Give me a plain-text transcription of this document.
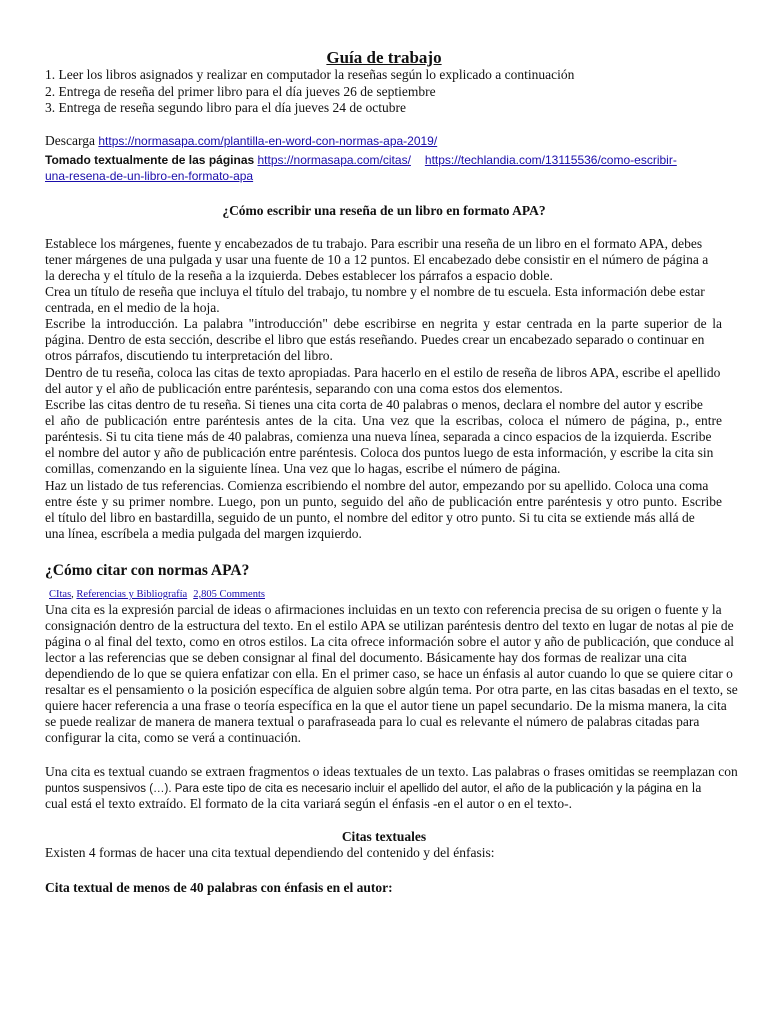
Guía de trabajo
1. Leer los libros asignados y realizar en computador la reseñas según lo explicado a continuación
2. Entrega de reseña del primer libro para el día jueves 26 de septiembre
3. Entrega de reseña segundo libro para el día jueves 24 de octubre
Descarga https://normasapa.com/plantilla-en-word-con-normas-apa-2019/
Tomado textualmente de las páginas https://normasapa.com/citas/ https://techlandia.com/13115536/como-escribir-
una-resena-de-un-libro-en-formato-apa
¿Cómo escribir una reseña de un libro en formato APA?
Establece los márgenes, fuente y encabezados de tu trabajo. Para escribir una reseña de un libro en el formato APA, debes
tener márgenes de una pulgada y usar una fuente de 10 a 12 puntos. El encabezado debe consistir en el número de página a
la derecha y el título de la reseña a la izquierda. Debes establecer los párrafos a espacio doble.
Crea un título de reseña que incluya el título del trabajo, tu nombre y el nombre de tu escuela. Esta información debe estar
centrada, en el medio de la hoja.
Escribe la introducción. La palabra "introducción" debe escribirse en negrita y estar centrada en la parte superior de la
página. Dentro de esta sección, describe el libro que estás reseñando. Puedes crear un encabezado separado o continuar en
otros párrafos, discutiendo tu interpretación del libro.
Dentro de tu reseña, coloca las citas de texto apropiadas. Para hacerlo en el estilo de reseña de libros APA, escribe el apellido
del autor y el año de publicación entre paréntesis, separando con una coma estos dos elementos.
Escribe las citas dentro de tu reseña. Si tienes una cita corta de 40 palabras o menos, declara el nombre del autor y escribe
el año de publicación entre paréntesis antes de la cita. Una vez que la escribas, coloca el número de página, p., entre
paréntesis. Si tu cita tiene más de 40 palabras, comienza una nueva línea, separada a cinco espacios de la izquierda. Escribe
el nombre del autor y año de publicación entre paréntesis. Coloca dos puntos luego de esta información, y escribe la cita sin
comillas, comenzando en la siguiente línea. Una vez que lo hagas, escribe el número de página.
Haz un listado de tus referencias. Comienza escribiendo el nombre del autor, empezando por su apellido. Coloca una coma
entre éste y su primer nombre. Luego, pon un punto, seguido del año de publicación entre paréntesis y otro punto. Escribe
el título del libro en bastardilla, seguido de un punto, el nombre del editor y otro punto. Si tu cita se extiende más allá de
una línea, escríbela a media pulgada del margen izquierdo.
¿Cómo citar con normas APA?
CItas, Referencias y Bibliografía 2,805 Comments
Una cita es la expresión parcial de ideas o afirmaciones incluidas en un texto con referencia precisa de su origen o fuente y la
consignación dentro de la estructura del texto. En el estilo APA se utilizan paréntesis dentro del texto en lugar de notas al pie de
página o al final del texto, como en otros estilos. La cita ofrece información sobre el autor y año de publicación, que conduce al
lector a las referencias que se deben consignar al final del documento. Básicamente hay dos formas de realizar una cita
dependiendo de lo que se quiera enfatizar con ella. En el primer caso, se hace un énfasis al autor cuando lo que se quiere citar o
resaltar es el pensamiento o la posición específica de alguien sobre algún tema. Por otra parte, en las citas basadas en el texto, se
quiere hacer referencia a una frase o teoría específica en la que el autor tiene un papel secundario. De la misma manera, la cita
se puede realizar de manera de manera textual o parafraseada para lo cual es relevante el número de palabras citadas para
configurar la cita, como se verá a continuación.
Una cita es textual cuando se extraen fragmentos o ideas textuales de un texto. Las palabras o frases omitidas se reemplazan con
puntos suspensivos (…). Para este tipo de cita es necesario incluir el apellido del autor, el año de la publicación y la página en la
cual está el texto extraído. El formato de la cita variará según el énfasis -en el autor o en el texto-.
Citas textuales
Existen 4 formas de hacer una cita textual dependiendo del contenido y del énfasis:
Cita textual de menos de 40 palabras con énfasis en el autor:
